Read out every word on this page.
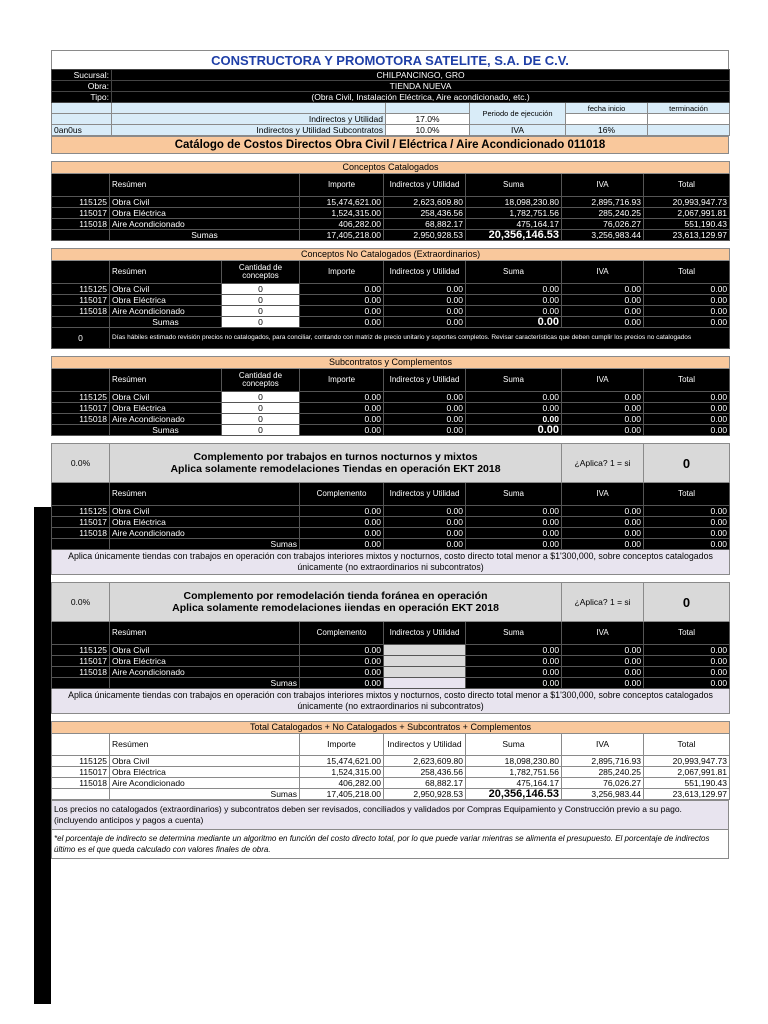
CONSTRUCTORA Y PROMOTORA SATELITE, S.A. DE C.V.
Sucursal:	CHILPANCINGO, GRO				
Obra:	TIENDA NUEVA				
Tipo:	(Obra Civil, Instalación Eléctrica, Aire acondicionado, etc.)				
			Periodo de ejecución	fecha inicio	terminación
	Indirectos y Utilidad	17.0%			
0an0us	Indirectos y Utilidad Subcontratos	10.0%	IVA	16%	
Catálogo de Costos Directos Obra Civil / Eléctrica / Aire Acondicionado 011018
Conceptos Catalogados						
	Resúmen	Importe	Indirectos y Utilidad	Suma	IVA	Total
115125	Obra Civil	15,474,621.00	2,623,609.80	18,098,230.80	2,895,716.93	20,993,947.73
115017	Obra Eléctrica	1,524,315.00	258,436.56	1,782,751.56	285,240.25	2,067,991.81
115018	Aire Acondicionado	406,282.00	68,882.17	475,164.17	76,026.27	551,190.43
	Sumas	17,405,218.00	2,950,928.53	20,356,146.53	3,256,983.44	23,613,129.97
Conceptos No Catalogados (Extraordinarios)							
	Resúmen	Cantidad de conceptos	Importe	Indirectos y Utilidad	Suma	IVA	Total
115125	Obra Civil	0	0.00	0.00	0.00	0.00	0.00
115017	Obra Eléctrica	0	0.00	0.00	0.00	0.00	0.00
115018	Aire Acondicionado	0	0.00	0.00	0.00	0.00	0.00
	Sumas	0	0.00	0.00	0.00	0.00	0.00
0	Días hábiles estimado revisión precios no catalogados, para conciliar, contando con matriz de precio unitario y soportes completos. Revisar características que deben cumplir los precios no catalogados						
Subcontratos y Complementos							
	Resúmen	Cantidad de conceptos	Importe	Indirectos y Utilidad	Suma	IVA	Total
115125	Obra Civil	0	0.00	0.00	0.00	0.00	0.00
115017	Obra Eléctrica	0	0.00	0.00	0.00	0.00	0.00
115018	Aire Acondicionado	0	0.00	0.00	0.00	0.00	0.00
	Sumas	0	0.00	0.00	0.00	0.00	0.00
0.0%	Complemento por trabajos en turnos nocturnos y mixtos
Aplica solamente remodelaciones Tiendas en operación EKT 2018				¿Aplica? 1 = si	0
	Resúmen	Complemento	Indirectos y Utilidad	Suma	IVA	Total
115125	Obra Civil	0.00	0.00	0.00	0.00	0.00
115017	Obra Eléctrica	0.00	0.00	0.00	0.00	0.00
115018	Aire Acondicionado	0.00	0.00	0.00	0.00	0.00
	Sumas	0.00	0.00	0.00	0.00	0.00
Aplica únicamente tiendas con trabajos en operación con trabajos interiores mixtos y nocturnos, costo directo total menor a $1'300,000, sobre conceptos catalogados únicamente (no extraordinarios ni subcontratos)						
0.0%	Complemento por remodelación tienda foránea en operación
Aplica solamente remodelaciones iiendas en operación EKT 2018				¿Aplica? 1 = si	0
	Resúmen	Complemento	Indirectos y Utilidad	Suma	IVA	Total
115125	Obra Civil	0.00		0.00	0.00	0.00
115017	Obra Eléctrica	0.00		0.00	0.00	0.00
115018	Aire Acondicionado	0.00		0.00	0.00	0.00
	Sumas	0.00		0.00	0.00	0.00
Aplica únicamente tiendas con trabajos en operación con trabajos interiores mixtos y nocturnos, costo directo total menor a $1'300,000, sobre conceptos catalogados únicamente (no extraordinarios ni subcontratos)						
Total Catalogados + No Catalogados + Subcontratos + Complementos						
	Resúmen	Importe	Indirectos y Utilidad	Suma	IVA	Total
115125	Obra Civil	15,474,621.00	2,623,609.80	18,098,230.80	2,895,716.93	20,993,947.73
115017	Obra Eléctrica	1,524,315.00	258,436.56	1,782,751.56	285,240.25	2,067,991.81
115018	Aire Acondicionado	406,282.00	68,882.17	475,164.17	76,026.27	551,190.43
	Sumas	17,405,218.00	2,950,928.53	20,356,146.53	3,256,983.44	23,613,129.97
Los precios no catalogados (extraordinarios) y subcontratos deben ser revisados, conciliados y validados por Compras Equipamiento y Construcción previo a su pago. (incluyendo anticipos y pagos a cuenta)
*el porcentaje de indirecto se determina mediante un algoritmo en función del costo directo total, por lo que puede variar mientras se alimenta el presupuesto. El porcentaje de indirectos último es el que queda calculado con valores finales de obra.
